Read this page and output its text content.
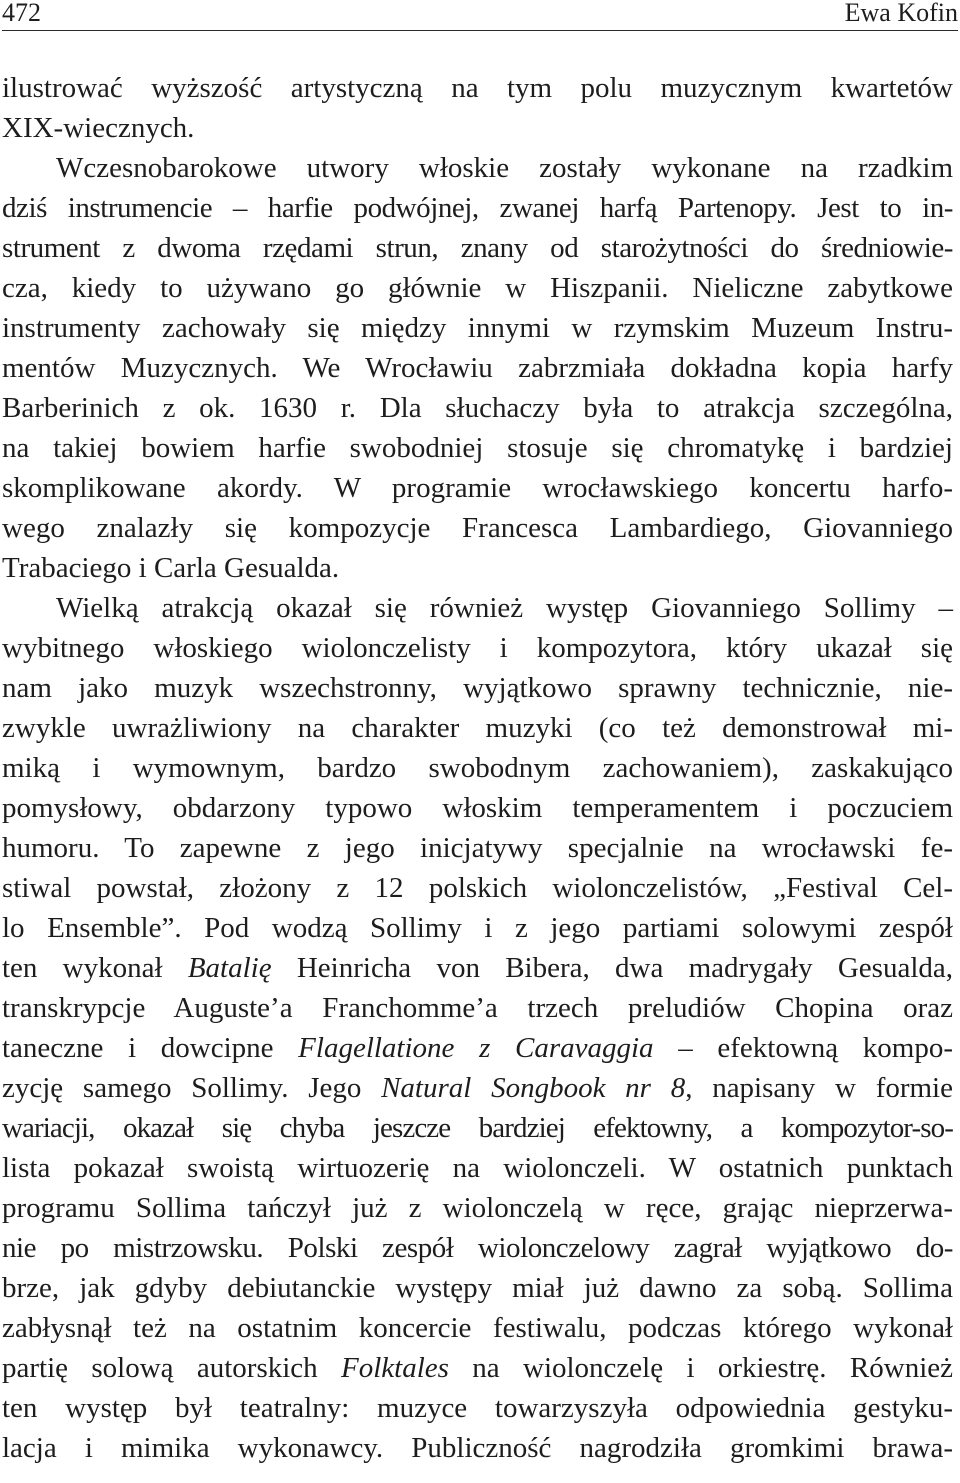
472	Ewa Kofin
ilustrować wyższość artystyczną na tym polu muzycznym kwartetów
XIX-wiecznych.
Wczesnobarokowe utwory włoskie zostały wykonane na rzadkim
dziś instrumencie – harfie podwójnej, zwanej harfą Partenopy. Jest to in-
strument z dwoma rzędami strun, znany od starożytności do średniowie-
cza, kiedy to używano go głównie w Hiszpanii. Nieliczne zabytkowe
instrumenty zachowały się między innymi w rzymskim Muzeum Instru-
mentów Muzycznych. We Wrocławiu zabrzmiała dokładna kopia harfy
Barberinich z ok. 1630 r. Dla słuchaczy była to atrakcja szczególna,
na takiej bowiem harfie swobodniej stosuje się chromatykę i bardziej
skomplikowane akordy. W programie wrocławskiego koncertu harfo-
wego znalazły się kompozycje Francesca Lambardiego, Giovanniego
Trabaciego i Carla Gesualda.
Wielką atrakcją okazał się również występ Giovanniego Sollimy –
wybitnego włoskiego wiolonczelisty i kompozytora, który ukazał się
nam jako muzyk wszechstronny, wyjątkowo sprawny technicznie, nie-
zwykle uwrażliwiony na charakter muzyki (co też demonstrował mi-
miką i wymownym, bardzo swobodnym zachowaniem), zaskakująco
pomysłowy, obdarzony typowo włoskim temperamentem i poczuciem
humoru. To zapewne z jego inicjatywy specjalnie na wrocławski fe-
stiwal powstał, złożony z 12 polskich wiolonczelistów, „Festival Cel-
lo Ensemble”. Pod wodzą Sollimy i z jego partiami solowymi zespół
ten wykonał Batalię Heinricha von Bibera, dwa madrygały Gesualda,
transkrypcje Auguste’a Franchomme’a trzech preludiów Chopina oraz
taneczne i dowcipne Flagellatione z Caravaggia – efektowną kompo-
zycję samego Sollimy. Jego Natural Songbook nr 8, napisany w formie
wariacji, okazał się chyba jeszcze bardziej efektowny, a kompozytor-so-
lista pokazał swoistą wirtuozerię na wiolonczeli. W ostatnich punktach
programu Sollima tańczył już z wiolonczelą w ręce, grając nieprzerwa-
nie po mistrzowsku. Polski zespół wiolonczelowy zagrał wyjątkowo do-
brze, jak gdyby debiutanckie występy miał już dawno za sobą. Sollima
zabłysnął też na ostatnim koncercie festiwalu, podczas którego wykonał
partię solową autorskich Folktales na wiolonczelę i orkiestrę. Również
ten występ był teatralny: muzyce towarzyszyła odpowiednia gestyku-
lacja i mimika wykonawcy. Publiczność nagrodziła gromkimi brawa-
